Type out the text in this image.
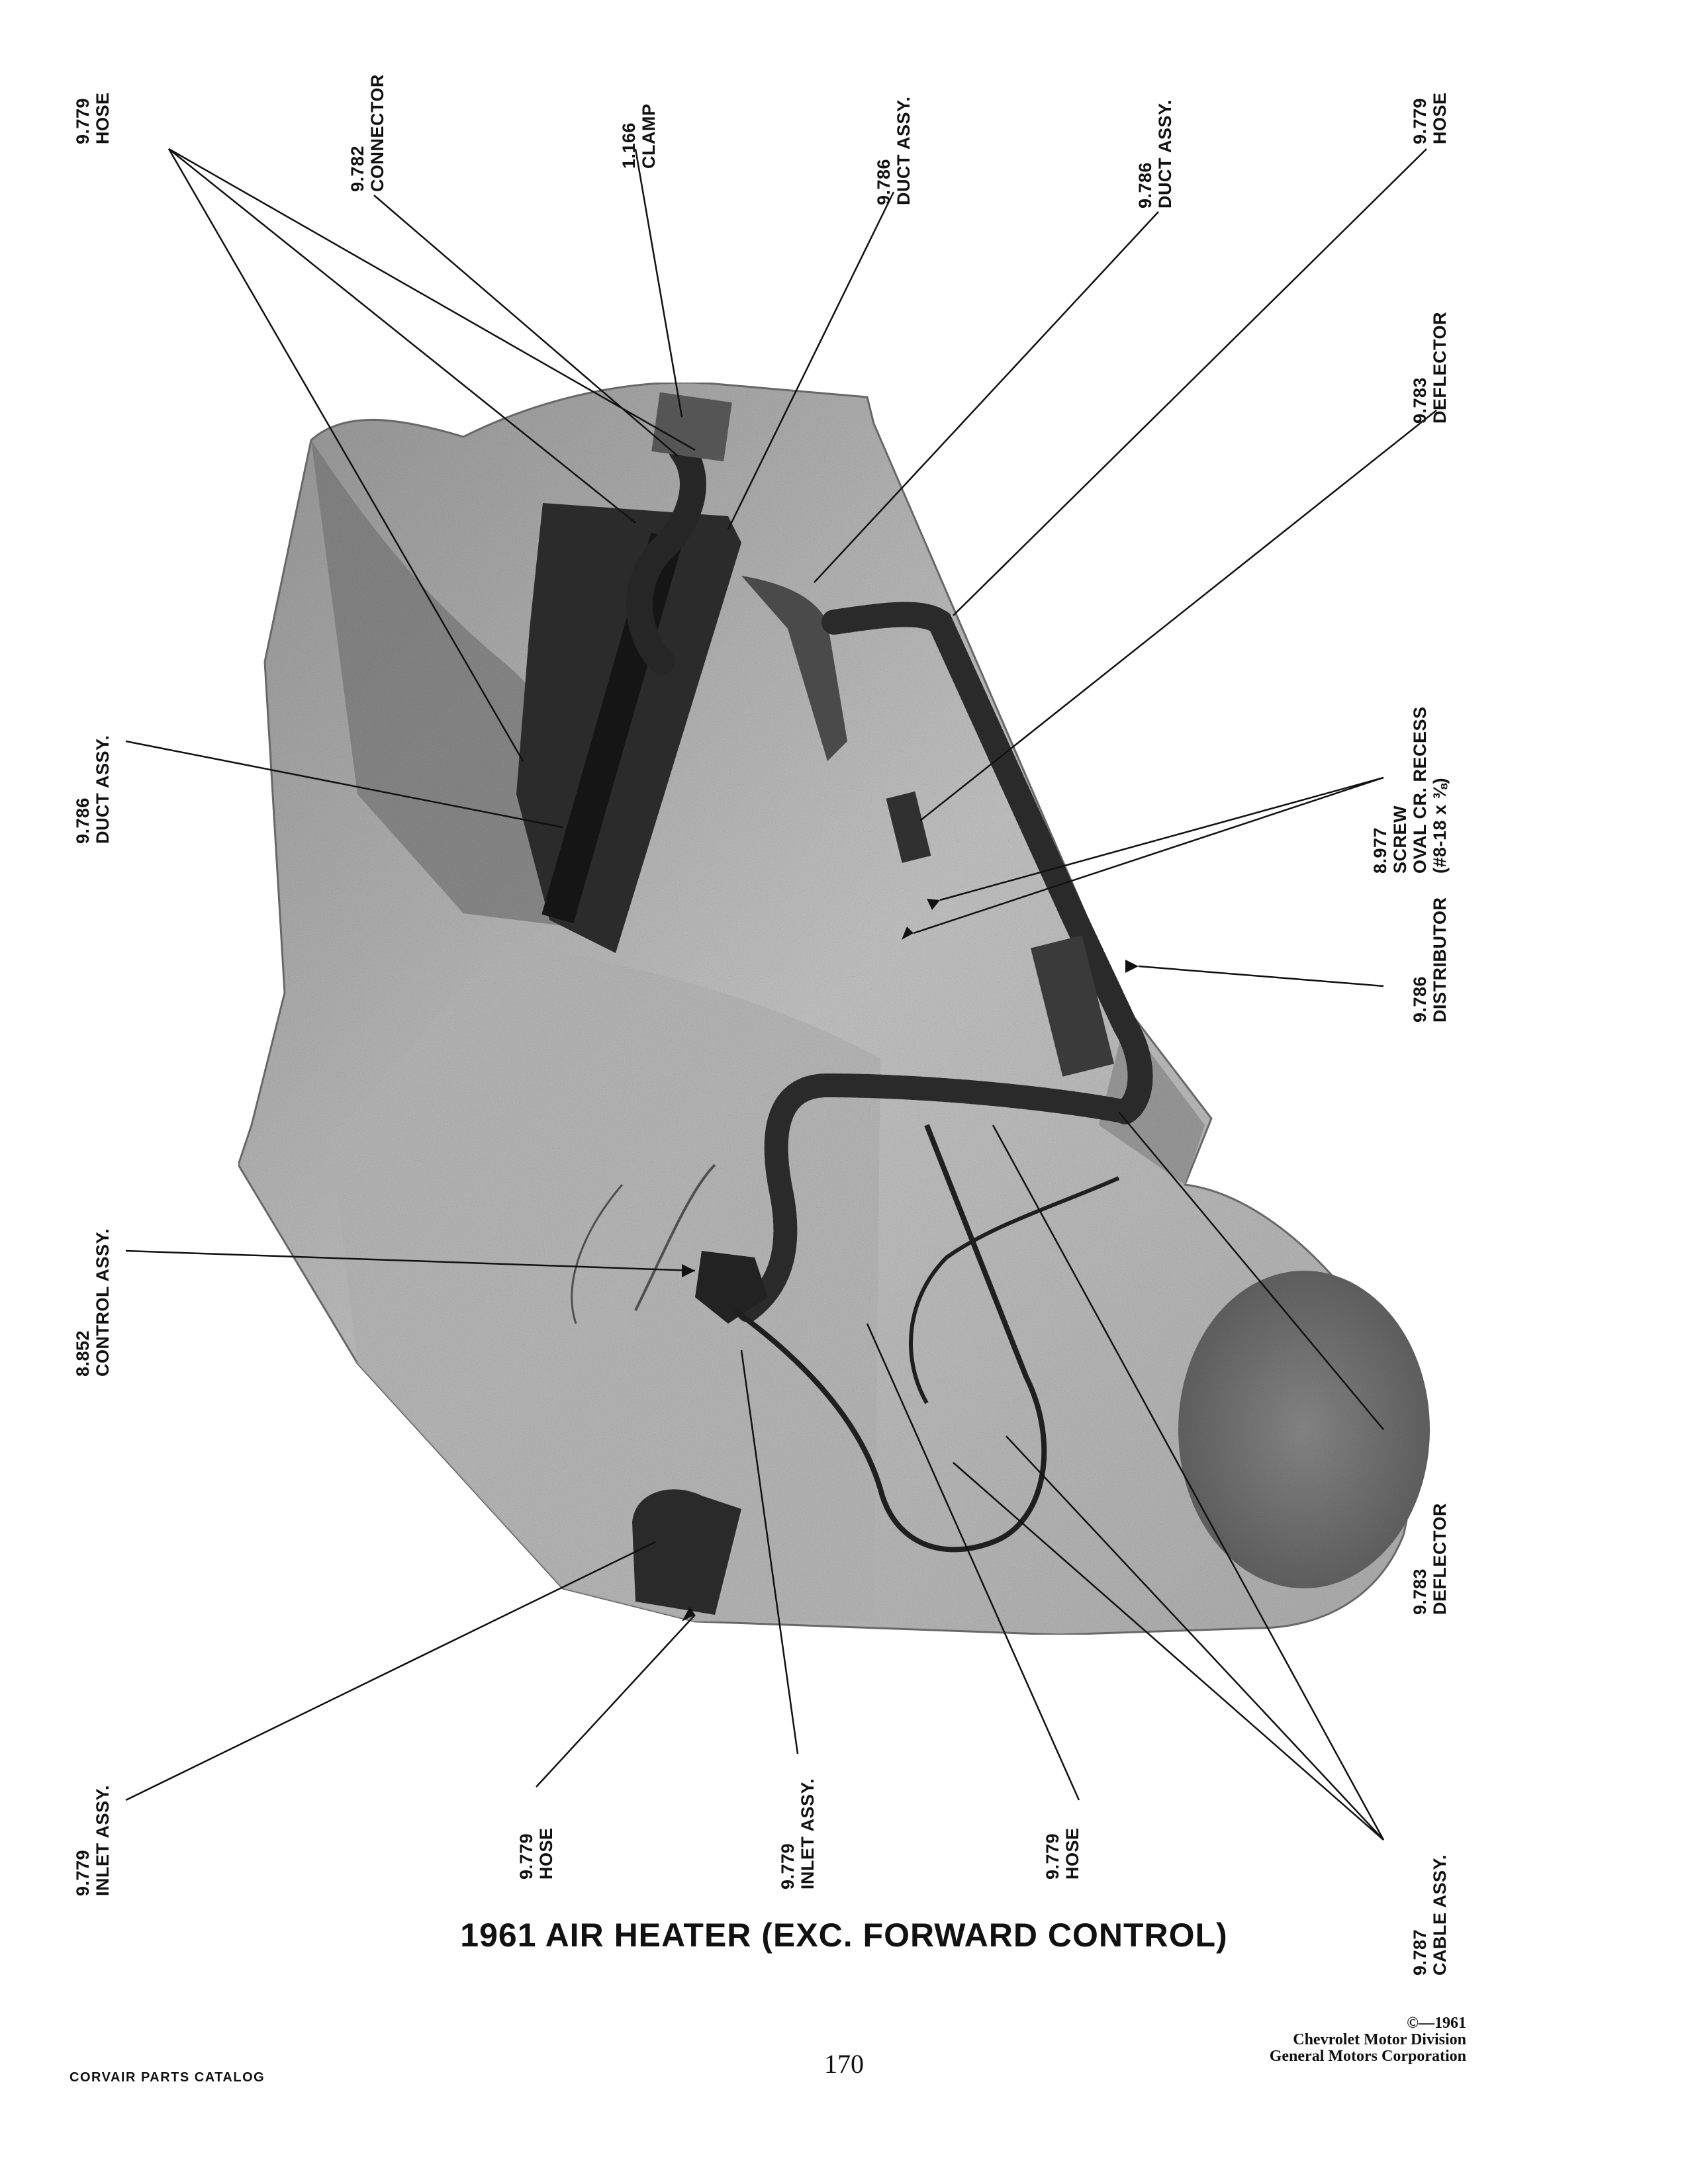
9.779 HOSE
9.782 CONNECTOR	1.166 CLAMP
9.786 DUCT ASSY.	9.786 DUCT ASSY.	9.779 HOSE
9.783 DEFLECTOR
8.977 SCREW OVAL CR. RECESS (#8-18 x ⅜)
9.786 DISTRIBUTOR
9.783 DEFLECTOR
9.787 CABLE ASSY.
9.779 HOSE
9.779 INLET ASSY.
9.779 HOSE
9.779 INLET ASSY.
8.852 CONTROL ASSY.
9.786 DUCT ASSY.
1961 AIR HEATER (EXC. FORWARD CONTROL)
CORVAIR PARTS CATALOG	170
©—1961
Chevrolet Motor Division
General Motors Corporation
